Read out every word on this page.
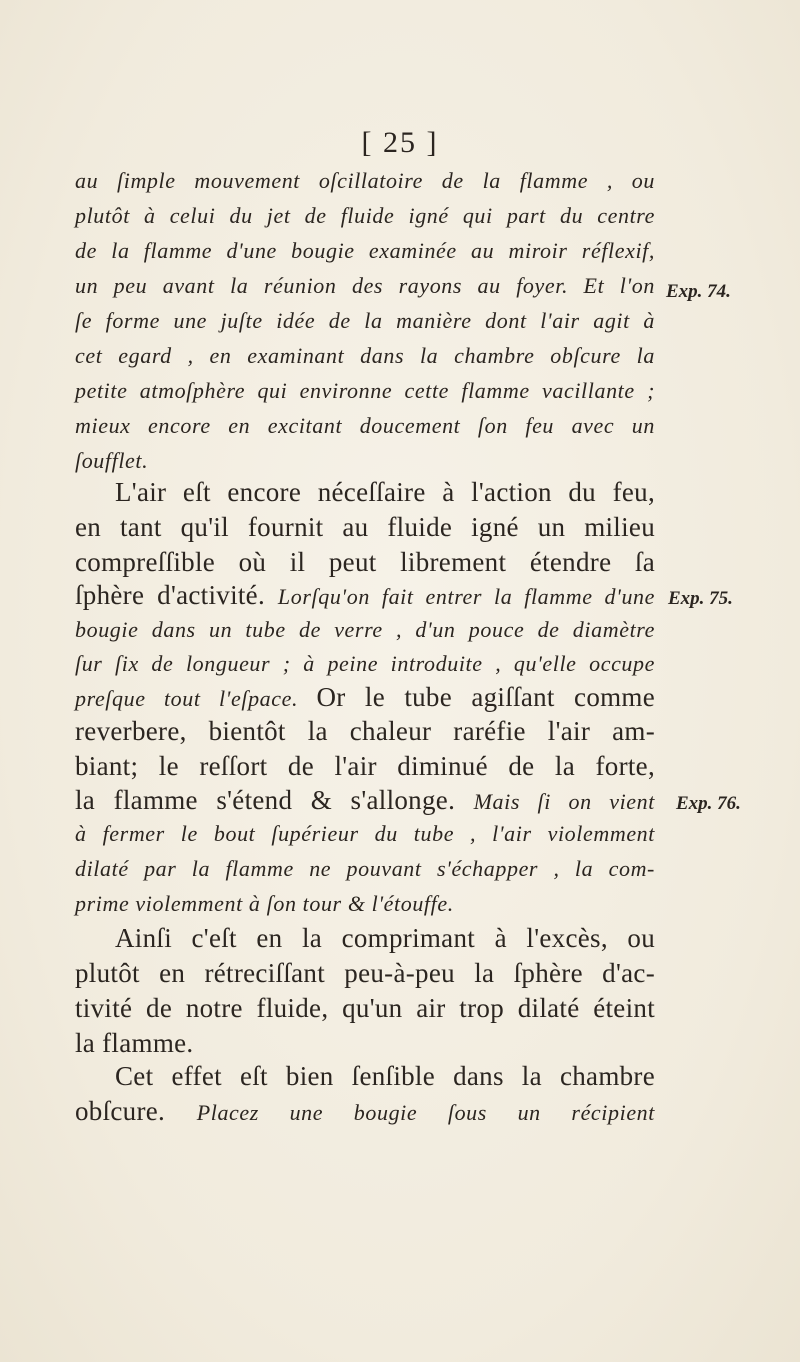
[ 25 ]
au ſimple mouvement oſcillatoire de la flamme , ou
plutôt à celui du jet de fluide igné qui part du centre
de la flamme d'une bougie examinée au miroir réflexif,
un peu avant la réunion des rayons au foyer. Et l'on
ſe forme une juſte idée de la manière dont l'air agit à
cet egard , en examinant dans la chambre obſcure la
petite atmoſphère qui environne cette flamme vacillante ;
mieux encore en excitant doucement ſon feu avec un
ſoufflet.
L'air eſt encore néceſſaire à l'action du feu,
en tant qu'il fournit au fluide igné un milieu
compreſſible où il peut librement étendre ſa
ſphère d'activité. Lorſqu'on fait entrer la flamme d'une
bougie dans un tube de verre , d'un pouce de diamètre
ſur ſix de longueur ; à peine introduite , qu'elle occupe
preſque tout l'eſpace. Or le tube agiſſant comme
reverbere, bientôt la chaleur raréfie l'air am-
biant; le reſſort de l'air diminué de la forte,
la flamme s'étend & s'allonge. Mais ſi on vient
à fermer le bout ſupérieur du tube , l'air violemment
dilaté par la flamme ne pouvant s'échapper , la com-
prime violemment à ſon tour & l'étouffe.
Ainſi c'eſt en la comprimant à l'excès, ou
plutôt en rétreciſſant peu-à-peu la ſphère d'ac-
tivité de notre fluide, qu'un air trop dilaté éteint
la flamme.
Cet effet eſt bien ſenſible dans la chambre
obſcure. Placez une bougie ſous un récipient
Exp. 74.
Exp. 75.
Exp. 76.
